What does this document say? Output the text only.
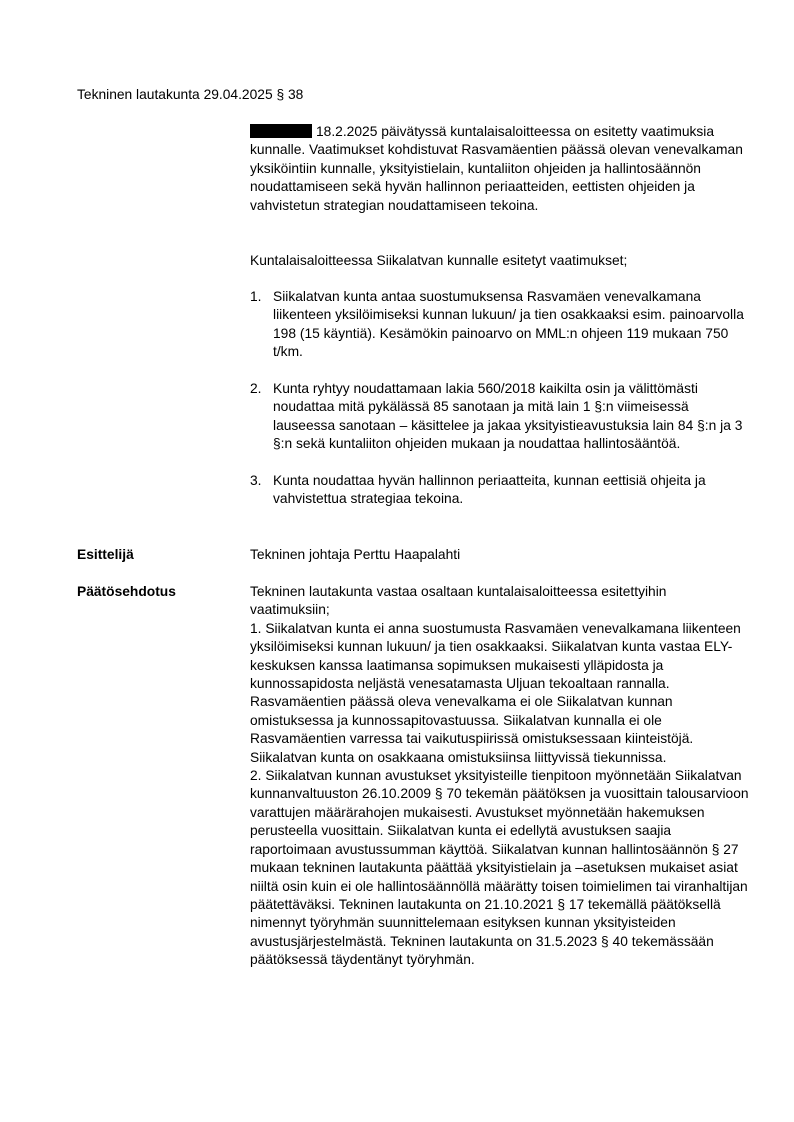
Tekninen lautakunta 29.04.2025 § 38

18.2.2025 päivätyssä kuntalaisaloitteessa on esitetty vaatimuksia kunnalle. Vaatimukset kohdistuvat Rasvamäentien päässä olevan venevalkaman yksiköintiin kunnalle, yksityistielain, kuntaliiton ohjeiden ja hallintosäännön noudattamiseen sekä hyvän hallinnon periaatteiden, eettisten ohjeiden ja vahvistetun strategian noudattamiseen tekoina.

Kuntalaisaloitteessa Siikalatvan kunnalle esitetyt vaatimukset;
1. Siikalatvan kunta antaa suostumuksensa Rasvamäen venevalkamana liikenteen yksilöimiseksi kunnan lukuun/ ja tien osakkaaksi esim. painoarvolla 198 (15 käyntiä). Kesämökin painoarvo on MML:n ohjeen 119 mukaan 750 t/km.
2. Kunta ryhtyy noudattamaan lakia 560/2018 kaikilta osin ja välittömästi noudattaa mitä pykälässä 85 sanotaan ja mitä lain 1 §:n viimeisessä lauseessa sanotaan – käsittelee ja jakaa yksityistieavustuksia lain 84 §:n ja 3 §:n sekä kuntaliiton ohjeiden mukaan ja noudattaa hallintosääntöä.
3. Kunta noudattaa hyvän hallinnon periaatteita, kunnan eettisiä ohjeita ja vahvistettua strategiaa tekoina.
Esittelijä	Tekninen johtaja Perttu Haapalahti
Päätösehdotus	Tekninen lautakunta vastaa osaltaan kuntalaisaloitteessa esitettyihin vaatimuksiin;

1. Siikalatvan kunta ei anna suostumusta Rasvamäen venevalkamana liikenteen yksilöimiseksi kunnan lukuun/ ja tien osakkaaksi. Siikalatvan kunta vastaa ELY-keskuksen kanssa laatimansa sopimuksen mukaisesti ylläpidosta ja kunnossapidosta neljästä venesatamasta Uljuan tekoaltaan rannalla. Rasvamäentien päässä oleva venevalkama ei ole Siikalatvan kunnan omistuksessa ja kunnossapitovastuussa. Siikalatvan kunnalla ei ole Rasvamäentien varressa tai vaikutuspiirissä omistuksessaan kiinteistöjä. Siikalatvan kunta on osakkaana omistuksiinsa liittyvissä tiekunnissa.

2. Siikalatvan kunnan avustukset yksityisteille tienpitoon myönnetään Siikalatvan kunnanvaltuuston 26.10.2009 § 70 tekemän päätöksen ja vuosittain talousarvioon varattujen määrärahojen mukaisesti. Avustukset myönnetään hakemuksen perusteella vuosittain. Siikalatvan kunta ei edellytä avustuksen saajia raportoimaan avustussumman käyttöä. Siikalatvan kunnan hallintosäännön § 27 mukaan tekninen lautakunta päättää yksityistielain ja –asetuksen mukaiset asiat niiltä osin kuin ei ole hallintosäännöllä määrätty toisen toimielimen tai viranhaltijan päätettäväksi. Tekninen lautakunta on 21.10.2021 § 17 tekemällä päätöksellä nimennyt työryhmän suunnittelemaan esityksen kunnan yksityisteiden avustusjärjestelmästä. Tekninen lautakunta on 31.5.2023 § 40 tekemässään päätöksessä täydentänyt työryhmän.
